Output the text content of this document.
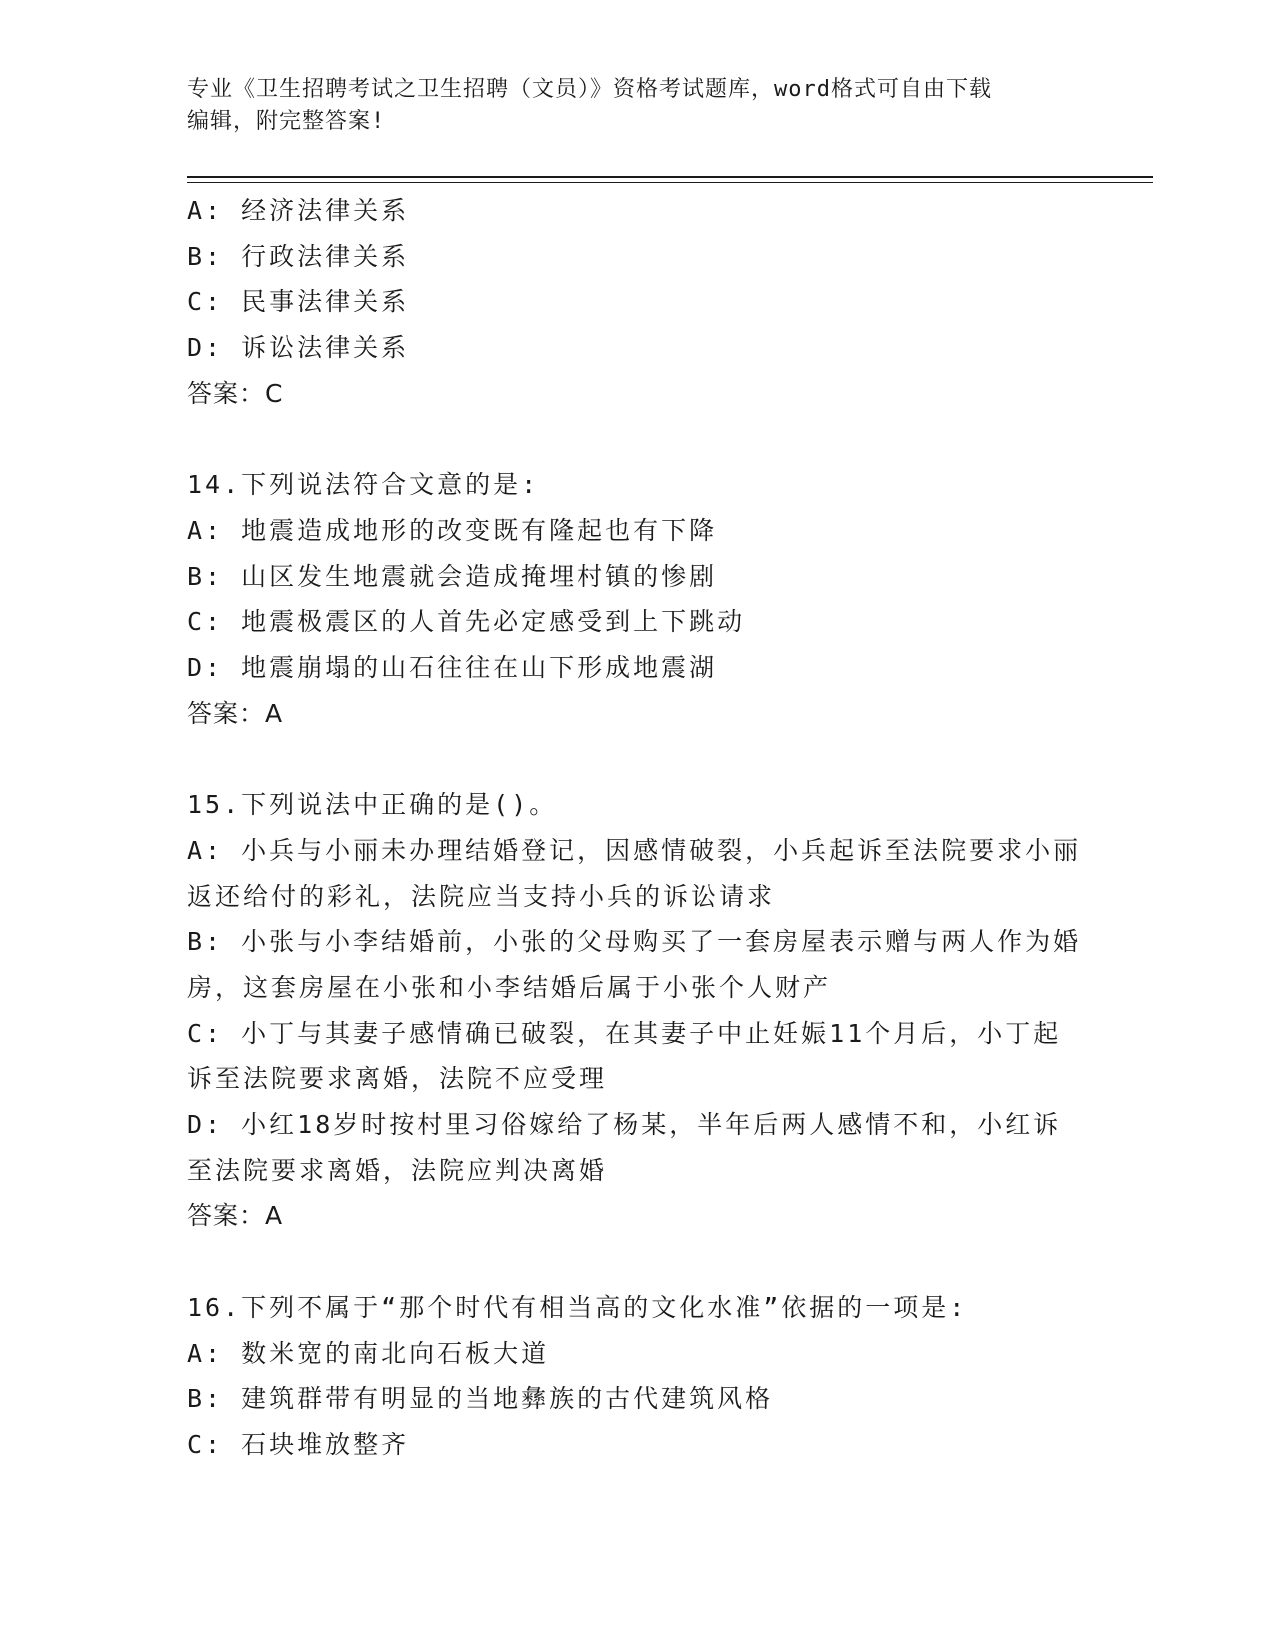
专业《卫生招聘考试之卫生招聘（文员）》资格考试题库，word格式可自由下载
编辑，附完整答案!
A: 经济法律关系
B: 行政法律关系
C: 民事法律关系
D: 诉讼法律关系
答案：C
14.下列说法符合文意的是:
A: 地震造成地形的改变既有隆起也有下降
B: 山区发生地震就会造成掩埋村镇的惨剧
C: 地震极震区的人首先必定感受到上下跳动
D: 地震崩塌的山石往往在山下形成地震湖
答案：A
15.下列说法中正确的是()。
A: 小兵与小丽未办理结婚登记，因感情破裂，小兵起诉至法院要求小丽返还给付的彩礼，法院应当支持小兵的诉讼请求
B: 小张与小李结婚前，小张的父母购买了一套房屋表示赠与两人作为婚房，这套房屋在小张和小李结婚后属于小张个人财产
C: 小丁与其妻子感情确已破裂，在其妻子中止妊娠11个月后，小丁起诉至法院要求离婚，法院不应受理
D: 小红18岁时按村里习俗嫁给了杨某，半年后两人感情不和，小红诉至法院要求离婚，法院应判决离婚
答案：A
16.下列不属于“那个时代有相当高的文化水准”依据的一项是:
A: 数米宽的南北向石板大道
B: 建筑群带有明显的当地彝族的古代建筑风格
C: 石块堆放整齐
